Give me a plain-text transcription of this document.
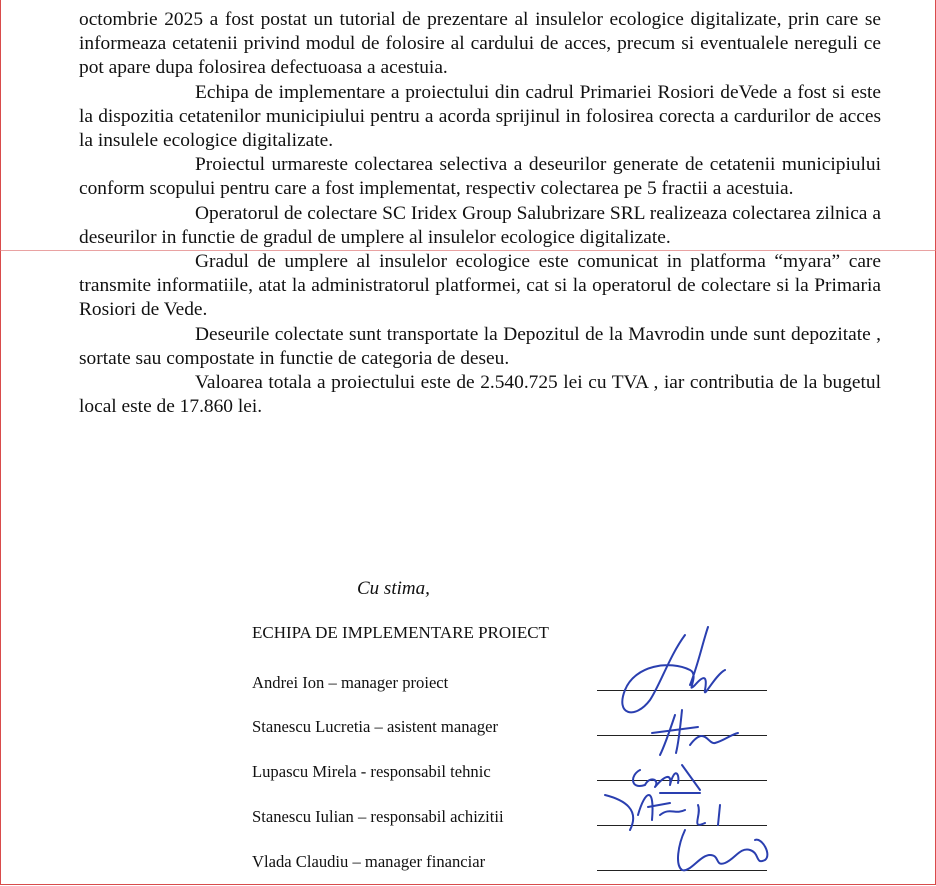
octombrie 2025 a fost postat un tutorial de prezentare al insulelor ecologice digitalizate, prin care se informeaza cetatenii privind modul de folosire al cardului de acces, precum si eventualele nereguli ce pot apare dupa folosirea defectuoasa a acestuia.

Echipa de implementare a proiectului din cadrul Primariei Rosiori deVede a fost si este la dispozitia cetatenilor municipiului pentru a acorda sprijinul in folosirea corecta a cardurilor de acces la insulele ecologice digitalizate.

Proiectul urmareste colectarea selectiva a deseurilor generate de cetatenii municipiului conform scopului pentru care a fost implementat, respectiv colectarea pe 5 fractii a acestuia.

Operatorul de colectare SC Iridex Group Salubrizare SRL realizeaza colectarea zilnica a deseurilor in functie de gradul de umplere al insulelor ecologice digitalizate.

Gradul de umplere al insulelor ecologice este comunicat in platforma “myara” care transmite informatiile, atat la administratorul platformei, cat si la operatorul de colectare si la Primaria Rosiori de Vede.

Deseurile colectate sunt transportate la Depozitul de la Mavrodin unde sunt depozitate , sortate sau compostate in functie de categoria de deseu.

Valoarea totala a proiectului este de 2.540.725 lei cu TVA , iar contributia de la bugetul local este de 17.860 lei.

Cu stima,
ECHIPA DE IMPLEMENTARE PROIECT
Andrei Ion – manager proiect
Stanescu Lucretia – asistent manager
Lupascu Mirela - responsabil tehnic
Stanescu Iulian – responsabil achizitii
Vlada Claudiu – manager financiar
